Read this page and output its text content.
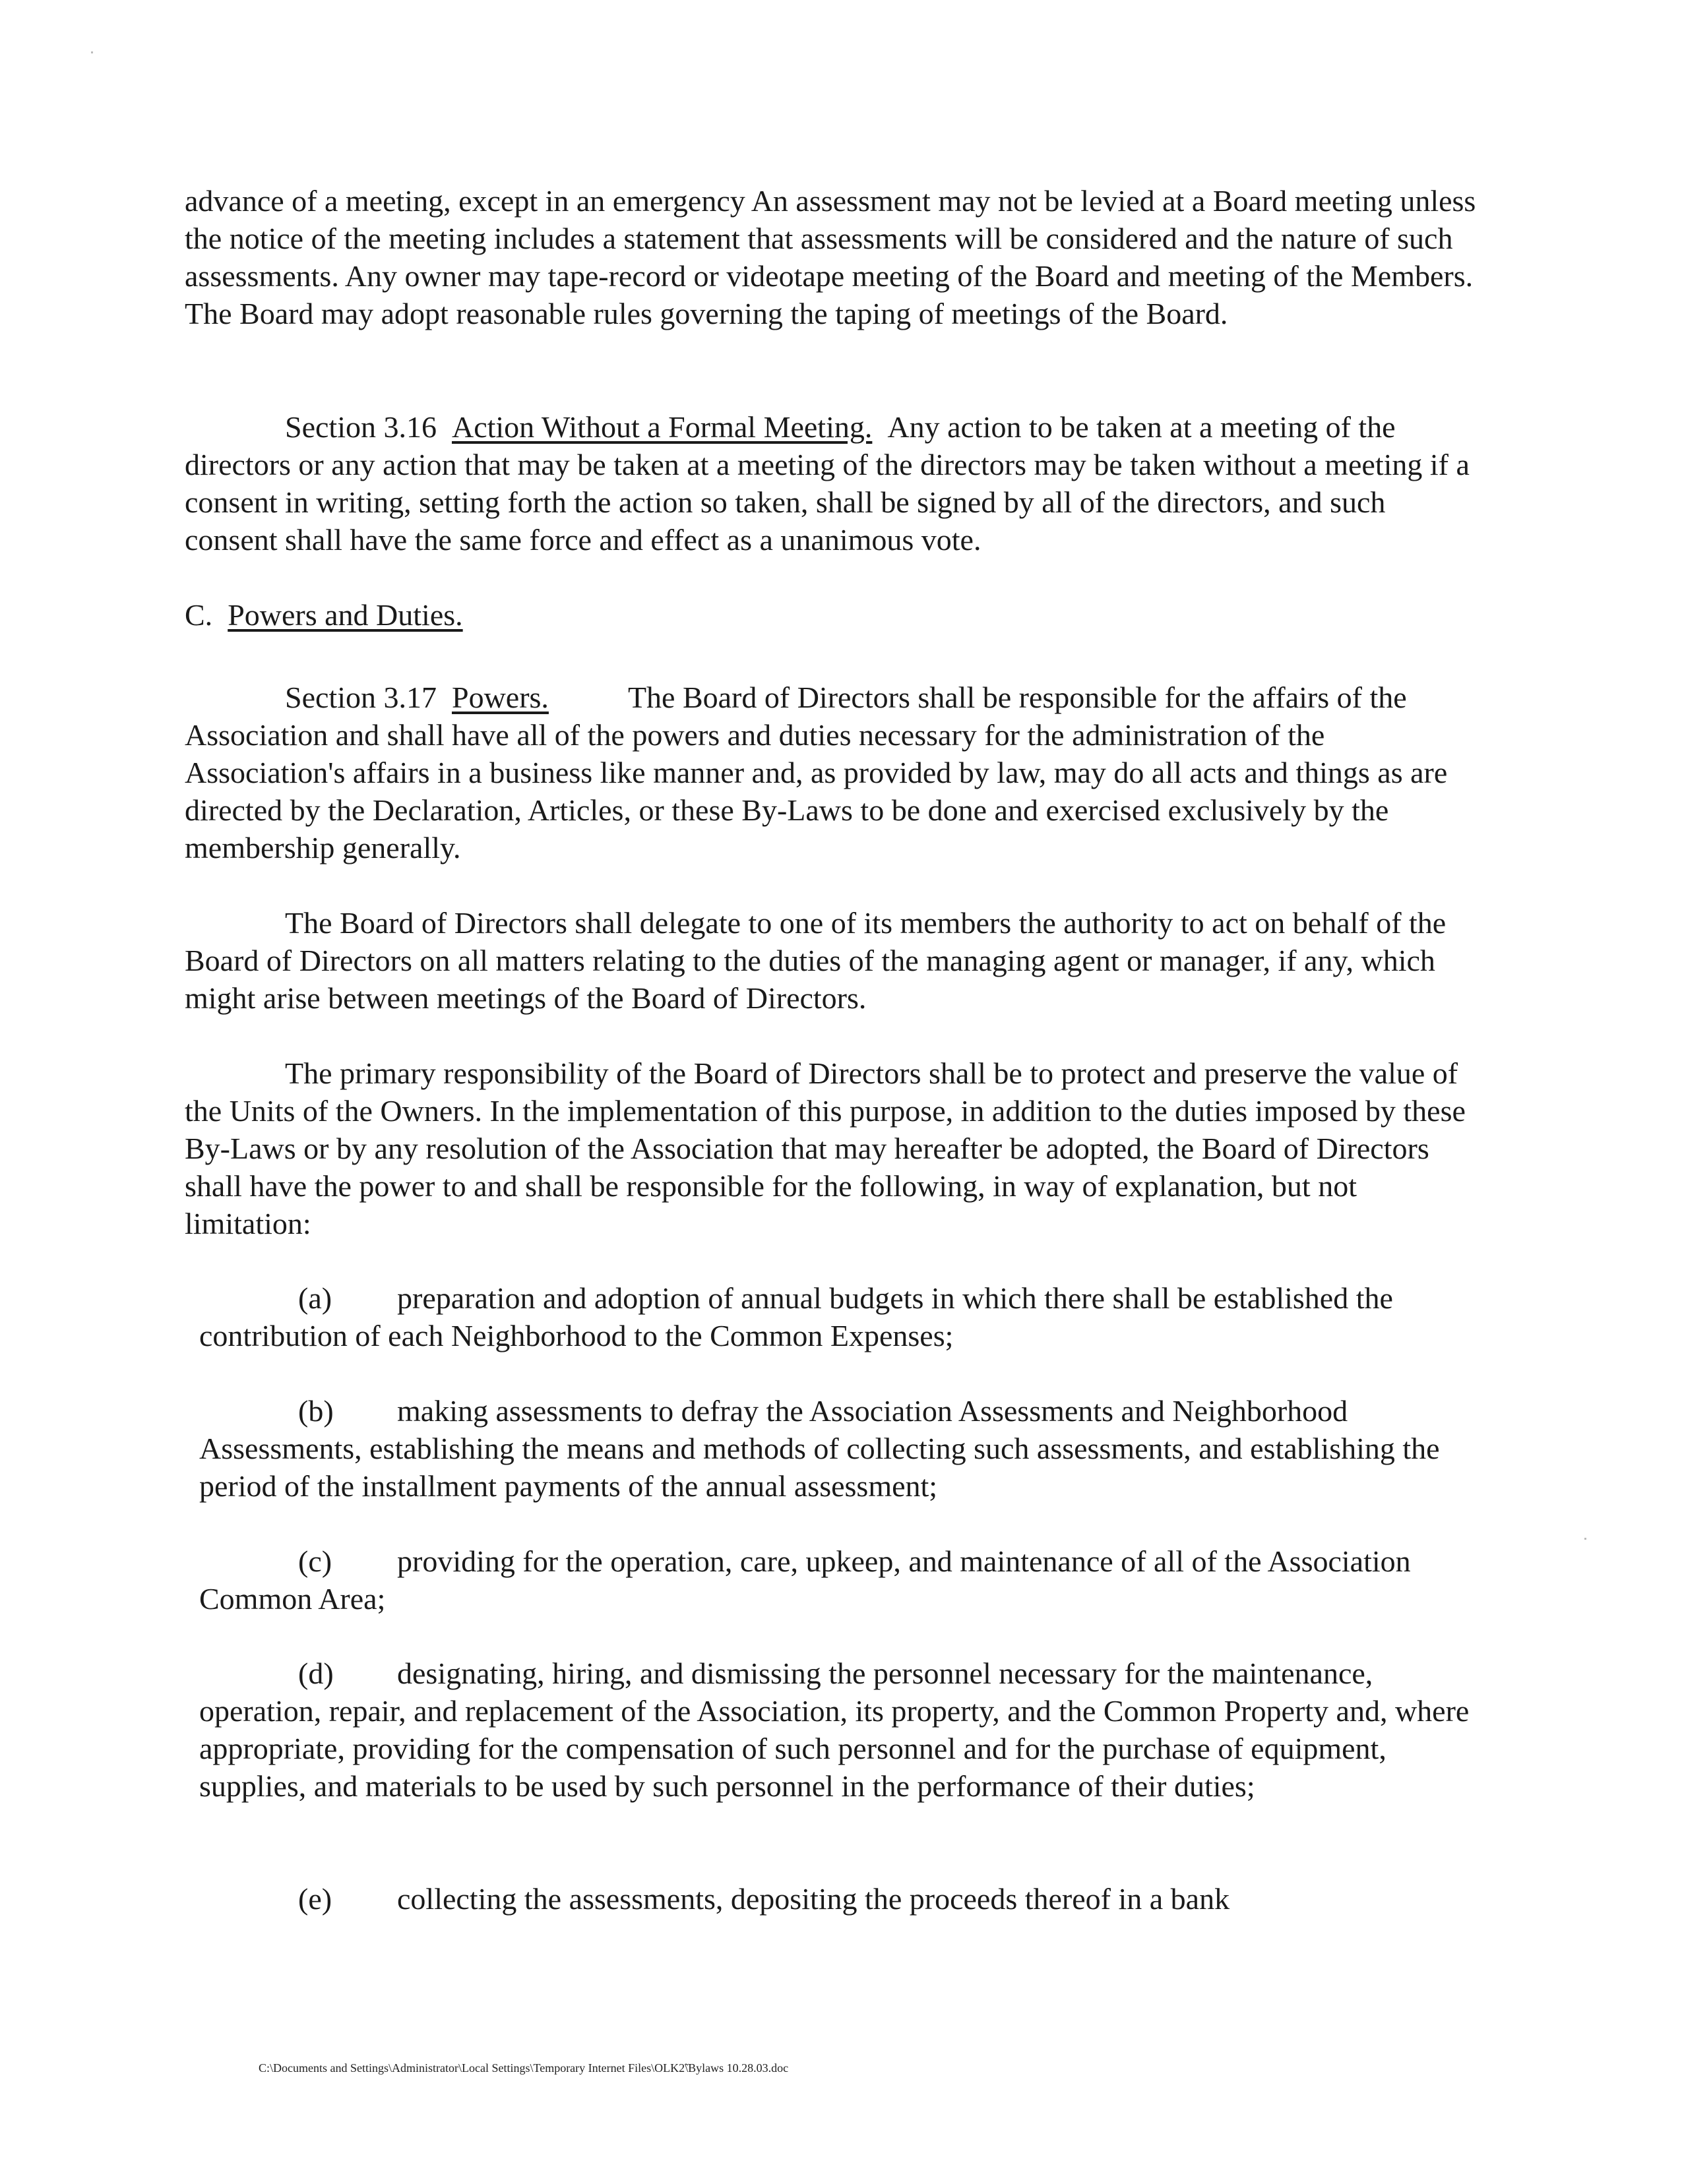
advance of a meeting, except in an emergency An assessment may not be levied at a Board meeting unless the notice of the meeting includes a statement that assessments will be considered and the nature of such assessments. Any owner may tape-record or videotape meeting of the Board and meeting of the Members. The Board may adopt reasonable rules governing the taping of meetings of the Board.

Section 3.16 Action Without a Formal Meeting. Any action to be taken at a meeting of the directors or any action that may be taken at a meeting of the directors may be taken without a meeting if a consent in writing, setting forth the action so taken, shall be signed by all of the directors, and such consent shall have the same force and effect as a unanimous vote.

C. Powers and Duties.

Section 3.17 Powers.	The Board of Directors shall be responsible for the affairs of the Association and shall have all of the powers and duties necessary for the administration of the Association's affairs in a business like manner and, as provided by law, may do all acts and things as are directed by the Declaration, Articles, or these By-Laws to be done and exercised exclusively by the membership generally.

The Board of Directors shall delegate to one of its members the authority to act on behalf of the Board of Directors on all matters relating to the duties of the managing agent or manager, if any, which might arise between meetings of the Board of Directors.

The primary responsibility of the Board of Directors shall be to protect and preserve the value of the Units of the Owners. In the implementation of this purpose, in addition to the duties imposed by these By-Laws or by any resolution of the Association that may hereafter be adopted, the Board of Directors shall have the power to and shall be responsible for the following, in way of explanation, but not limitation:

(a) preparation and adoption of annual budgets in which there shall be established the contribution of each Neighborhood to the Common Expenses;

(b) making assessments to defray the Association Assessments and Neighborhood Assessments, establishing the means and methods of collecting such assessments, and establishing the period of the installment payments of the annual assessment;

(c) providing for the operation, care, upkeep, and maintenance of all of the Association Common Area;

(d) designating, hiring, and dismissing the personnel necessary for the maintenance, operation, repair, and replacement of the Association, its property, and the Common Property and, where appropriate, providing for the compensation of such personnel and for the purchase of equipment, supplies, and materials to be used by such personnel in the performance of their duties;

(e) collecting the assessments, depositing the proceeds thereof in a bank

C:\Documents and Settings\Administrator\Local Settings\Temporary Internet Files\OLK2̃\Bylaws 10.28.03.doc
